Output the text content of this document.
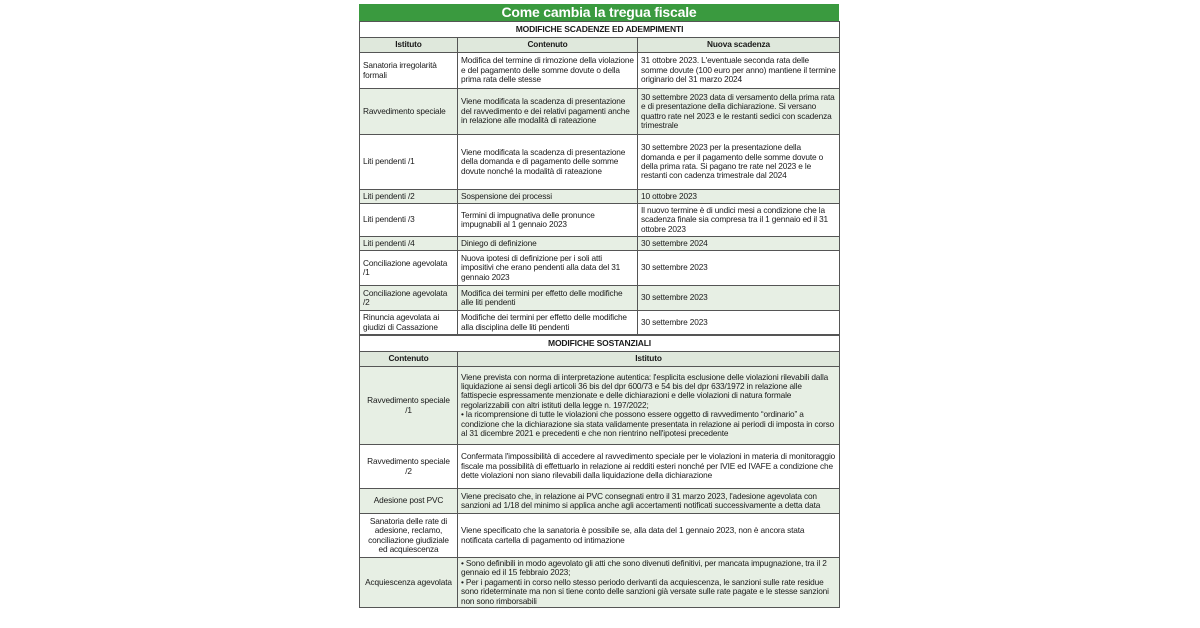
Come cambia la tregua fiscale
MODIFICHE SCADENZE ED ADEMPIMENTI		
Istituto	Contenuto	Nuova scadenza
Sanatoria irregolarità formali	Modifica del termine di rimozione della violazione e del pagamento delle somme dovute o della prima rata delle stesse	31 ottobre 2023. L'eventuale seconda rata delle somme dovute (100 euro per anno) mantiene il termine originario del 31 marzo 2024
Ravvedimento speciale	Viene modificata la scadenza di presentazione del ravvedimento e dei relativi pagamenti anche in relazione alle modalità di rateazione	30 settembre 2023 data di versamento della prima rata e di presentazione della dichiarazione. Si versano quattro rate nel 2023 e le restanti sedici con scadenza trimestrale
Liti pendenti /1	Viene modificata la scadenza di presentazione della domanda e di pagamento delle somme dovute nonché la modalità di rateazione	30 settembre 2023 per la presentazione della domanda e per il pagamento delle somme dovute o della prima rata. Si pagano tre rate nel 2023 e le restanti con cadenza trimestrale dal 2024
Liti pendenti /2	Sospensione dei processi	10 ottobre 2023
Liti pendenti /3	Termini di impugnativa delle pronunce impugnabili al 1 gennaio 2023	Il nuovo termine è di undici mesi a condizione che la scadenza finale sia compresa tra il 1 gennaio ed il 31 ottobre 2023
Liti pendenti /4	Diniego di definizione	30 settembre 2024
Conciliazione agevolata /1	Nuova ipotesi di definizione per i soli atti impositivi che erano pendenti alla data del 31 gennaio 2023	30 settembre 2023
Conciliazione agevolata /2	Modifica dei termini per effetto delle modifiche alle liti pendenti	30 settembre 2023
Rinuncia agevolata ai giudizi di Cassazione	Modifiche dei termini per effetto delle modifiche alla disciplina delle liti pendenti	30 settembre 2023
MODIFICHE SOSTANZIALI	
Contenuto	Istituto
Ravvedimento speciale /1	Viene prevista con norma di interpretazione autentica: l'esplicita esclusione delle violazioni rilevabili dalla liquidazione ai sensi degli articoli 36 bis del dpr 600/73 e 54 bis del dpr 633/1972 in relazione alle fattispecie espressamente menzionate e delle dichiarazioni e delle violazioni di natura formale regolarizzabili con altri istituti della legge n. 197/2022;
• la ricomprensione di tutte le violazioni che possono essere oggetto di ravvedimento “ordinario” a condizione che la dichiarazione sia stata validamente presentata in relazione ai periodi di imposta in corso al 31 dicembre 2021 e precedenti e che non rientrino nell'ipotesi precedente

Ravvedimento speciale /2	Confermata l'impossibilità di accedere al ravvedimento speciale per le violazioni in materia di monitoraggio fiscale ma possibilità di effettuarlo in relazione ai redditi esteri nonché per IVIE ed IVAFE a condizione che dette violazioni non siano rilevabili dalla liquidazione della dichiarazione
Adesione post PVC	Viene precisato che, in relazione ai PVC consegnati entro il 31 marzo 2023, l'adesione agevolata con sanzioni ad 1/18 del minimo si applica anche agli accertamenti notificati successivamente a detta data
Sanatoria delle rate di adesione, reclamo, conciliazione giudiziale ed acquiescenza	Viene specificato che la sanatoria è possibile se, alla data del 1 gennaio 2023, non è ancora stata notificata cartella di pagamento od intimazione
Acquiescenza agevolata	• Sono definibili in modo agevolato gli atti che sono divenuti definitivi, per mancata impugnazione, tra il 2 gennaio ed il 15 febbraio 2023;
• Per i pagamenti in corso nello stesso periodo derivanti da acquiescenza, le sanzioni sulle rate residue sono rideterminate ma non si tiene conto delle sanzioni già versate sulle rate pagate e le stesse sanzioni non sono rimborsabili
